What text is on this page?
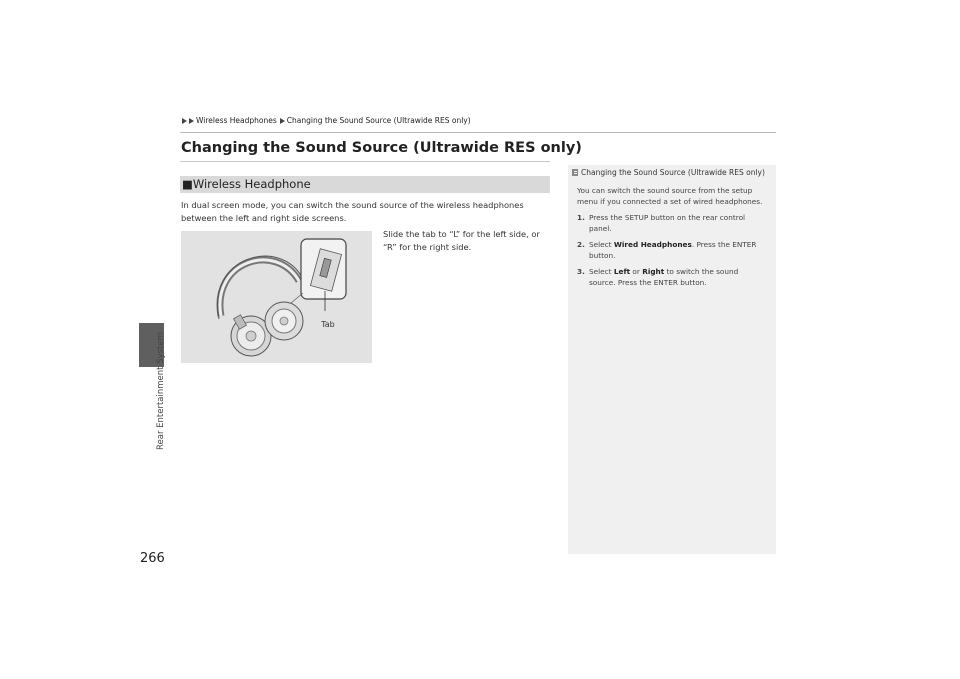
Rear Entertainment System
266
Wireless Headphones Changing the Sound Source (Ultrawide RES only)
Changing the Sound Source (Ultrawide RES only)
■Wireless Headphone
In dual screen mode, you can switch the sound source of the wireless headphones between the left and right side screens.
Tab
Slide the tab to “L” for the left side, or “R” for the right side.
Changing the Sound Source (Ultrawide RES only)
You can switch the sound source from the setup menu if you connected a set of wired headphones.
1. Press the SETUP button on the rear control panel.
2. Select Wired Headphones. Press the ENTER button.
3. Select Left or Right to switch the sound source. Press the ENTER button.
